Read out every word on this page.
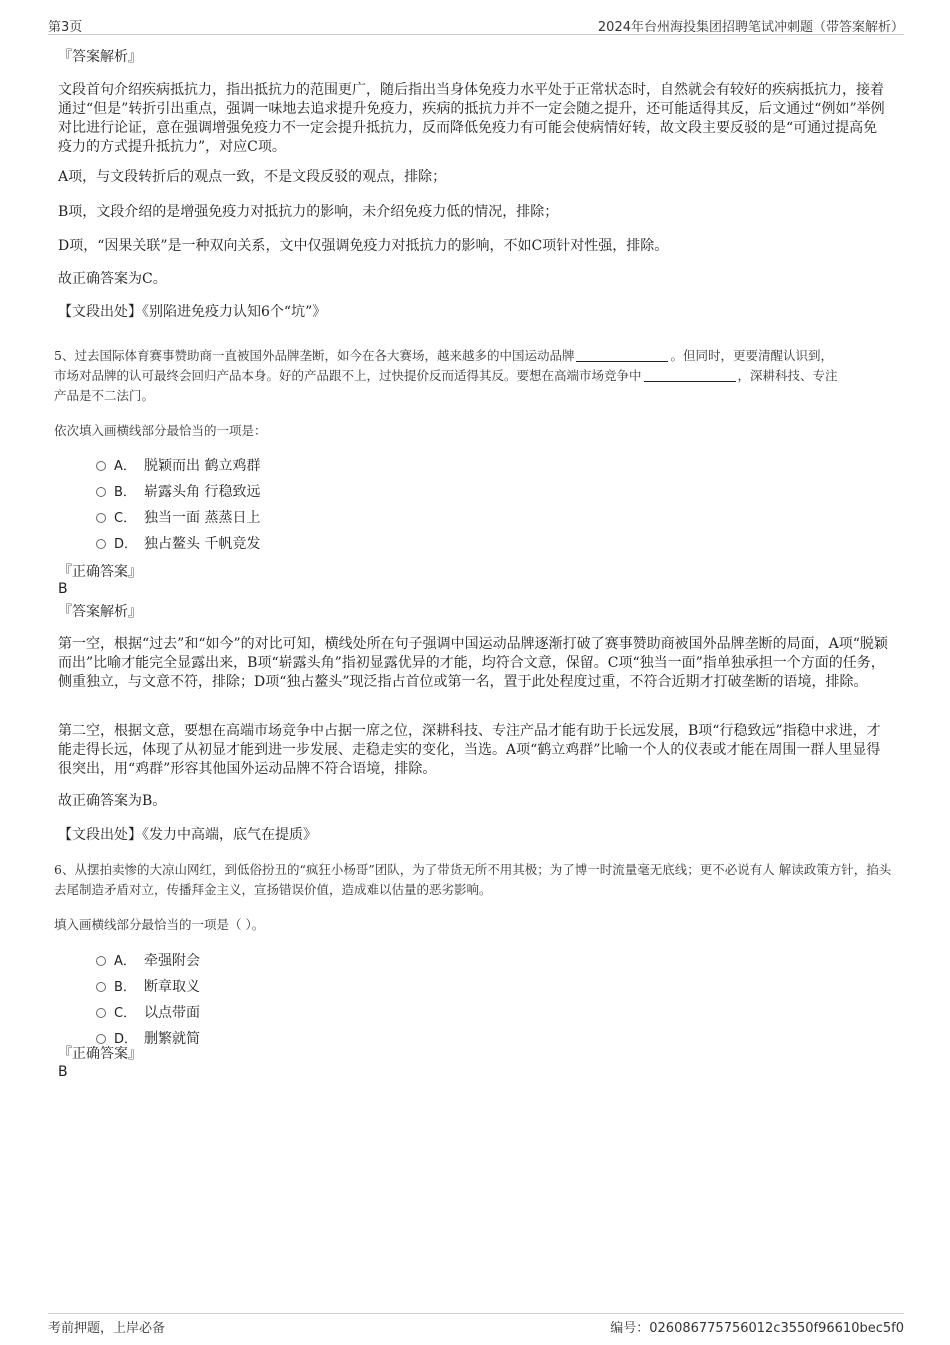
第3页	2024年台州海投集团招聘笔试冲刺题（带答案解析）
『答案解析』
文段首句介绍疾病抵抗力，指出抵抗力的范围更广，随后指出当身体免疫力水平处于正常状态时，自然就会有较好的疾病抵抗力，接着通过“但是”转折引出重点，强调一味地去追求提升免疫力，疾病的抵抗力并不一定会随之提升，还可能适得其反，后文通过“例如”举例对比进行论证，意在强调增强免疫力不一定会提升抵抗力，反而降低免疫力有可能会使病情好转，故文段主要反驳的是“可通过提高免疫力的方式提升抵抗力”，对应C项。
A项，与文段转折后的观点一致，不是文段反驳的观点，排除；
B项，文段介绍的是增强免疫力对抵抗力的影响，未介绍免疫力低的情况，排除；
D项，“因果关联”是一种双向关系，文中仅强调免疫力对抵抗力的影响，不如C项针对性强，排除。
故正确答案为C。
【文段出处】《别陷进免疫力认知6个“坑”》
5、过去国际体育赛事赞助商一直被国外品牌垄断，如今在各大赛场，越来越多的中国运动品牌	。但同时，更要清醒认识到，
市场对品牌的认可最终会回归产品本身。好的产品跟不上，过快提价反而适得其反。要想在高端市场竞争中	，深耕科技、专注
产品是不二法门。
依次填入画横线部分最恰当的一项是：
A． 脱颖而出 鹤立鸡群
B． 崭露头角 行稳致远
C． 独当一面 蒸蒸日上
D． 独占鳌头 千帆竞发
『正确答案』
B
『答案解析』
第一空，根据“过去”和“如今”的对比可知，横线处所在句子强调中国运动品牌逐渐打破了赛事赞助商被国外品牌垄断的局面，A项“脱颖而出”比喻才能完全显露出来，B项“崭露头角”指初显露优异的才能，均符合文意，保留。C项“独当一面”指单独承担一个方面的任务，侧重独立，与文意不符，排除；D项“独占鳌头”现泛指占首位或第一名，置于此处程度过重，不符合近期才打破垄断的语境，排除。
第二空，根据文意，要想在高端市场竞争中占据一席之位，深耕科技、专注产品才能有助于长远发展，B项“行稳致远”指稳中求进，才能走得长远，体现了从初显才能到进一步发展、走稳走实的变化，当选。A项“鹤立鸡群”比喻一个人的仪表或才能在周围一群人里显得很突出，用“鸡群”形容其他国外运动品牌不符合语境，排除。
故正确答案为B。
【文段出处】《发力中高端，底气在提质》
6、从摆拍卖惨的大凉山网红，到低俗扮丑的“疯狂小杨哥”团队，为了带货无所不用其极；为了博一时流量毫无底线；更不必说有人 解读政策方针，掐头去尾制造矛盾对立，传播拜金主义，宣扬错误价值，造成难以估量的恶劣影响。
填入画横线部分最恰当的一项是（ ）。
A． 牵强附会
B． 断章取义
C． 以点带面
D． 删繁就简
『正确答案』
B
考前押题，上岸必备	编号：026086775756012c3550f96610bec5f0
